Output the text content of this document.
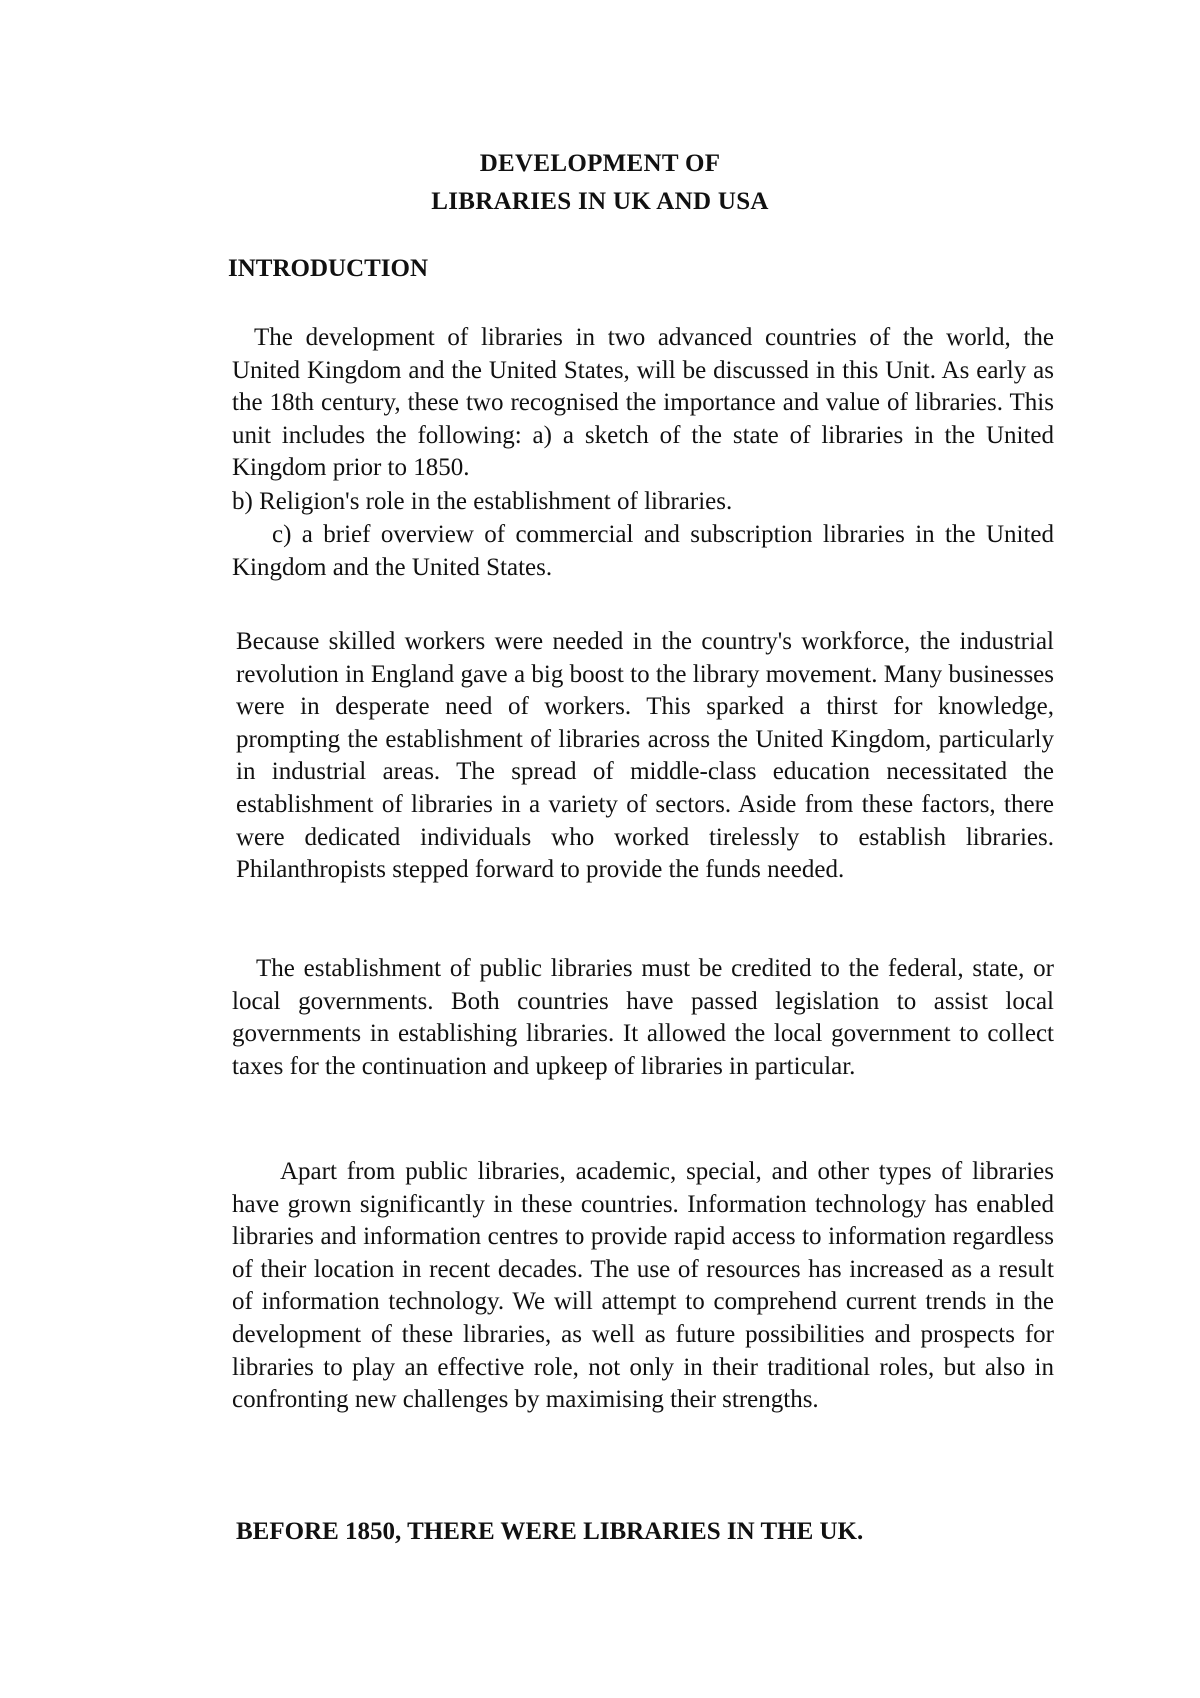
DEVELOPMENT OF
LIBRARIES IN UK AND USA
INTRODUCTION

The development of libraries in two advanced countries of the world, the United Kingdom and the United States, will be discussed in this Unit. As early as the 18th century, these two recognised the importance and value of libraries. This unit includes the following: a) a sketch of the state of libraries in the United Kingdom prior to 1850.

b) Religion's role in the establishment of libraries.

c) a brief overview of commercial and subscription libraries in the United Kingdom and the United States.

Because skilled workers were needed in the country's workforce, the industrial revolution in England gave a big boost to the library movement. Many businesses were in desperate need of workers. This sparked a thirst for knowledge, prompting the establishment of libraries across the United Kingdom, particularly in industrial areas. The spread of middle-class education necessitated the establishment of libraries in a variety of sectors. Aside from these factors, there were dedicated individuals who worked tirelessly to establish libraries. Philanthropists stepped forward to provide the funds needed.

The establishment of public libraries must be credited to the federal, state, or local governments. Both countries have passed legislation to assist local governments in establishing libraries. It allowed the local government to collect taxes for the continuation and upkeep of libraries in particular.

Apart from public libraries, academic, special, and other types of libraries have grown significantly in these countries. Information technology has enabled libraries and information centres to provide rapid access to information regardless of their location in recent decades. The use of resources has increased as a result of information technology. We will attempt to comprehend current trends in the development of these libraries, as well as future possibilities and prospects for libraries to play an effective role, not only in their traditional roles, but also in confronting new challenges by maximising their strengths.

BEFORE 1850, THERE WERE LIBRARIES IN THE UK.
